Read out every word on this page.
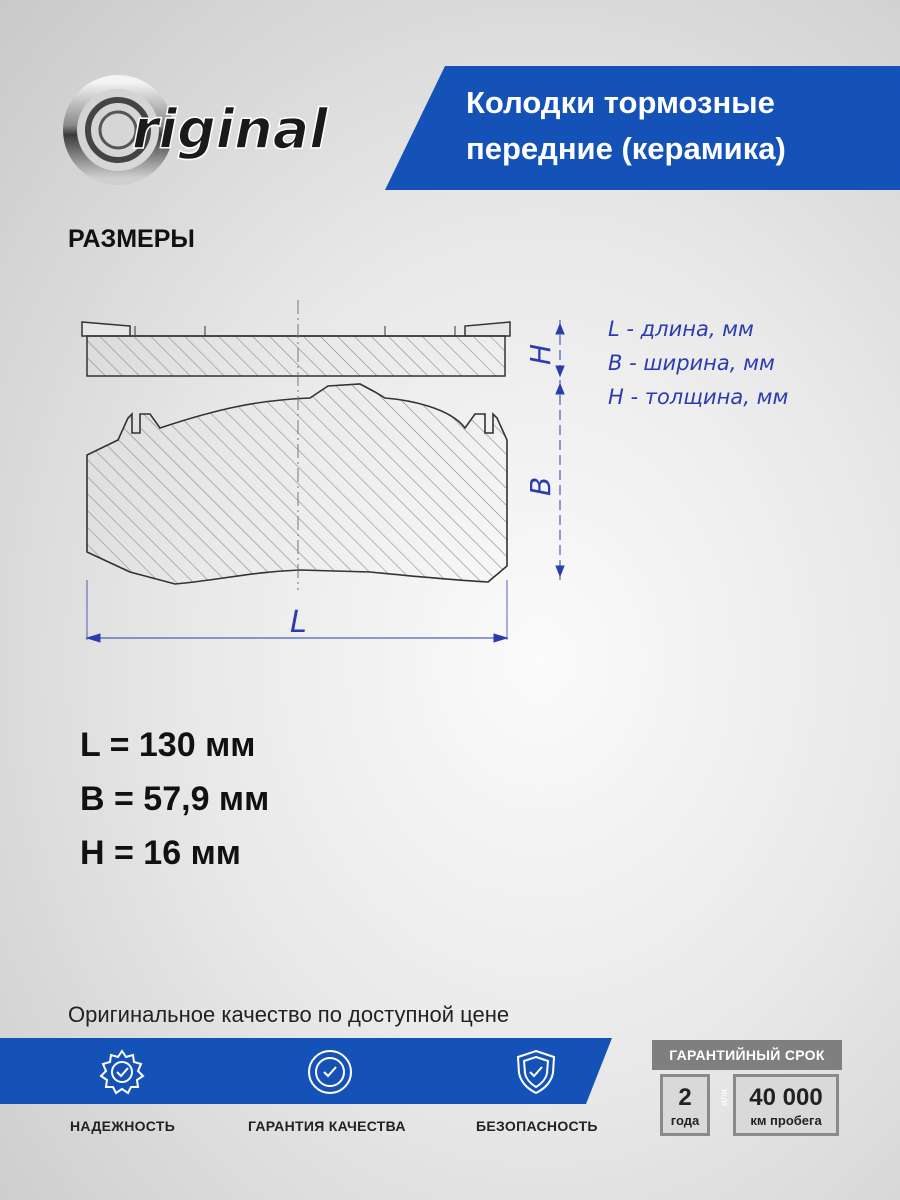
riginal	Колодки тормозные
передние (керамика)
РАЗМЕРЫ
L
H
B
L - длина, мм
B - ширина, мм
H - толщина, мм
L = 130 мм
B = 57,9 мм
H = 16 мм
Оригинальное качество по доступной цене
НАДЕЖНОСТЬ	ГАРАНТИЯ КАЧЕСТВА	БЕЗОПАСНОСТЬ
ГАРАНТИЙНЫЙ СРОК
2
года
или 40 000
км пробега
